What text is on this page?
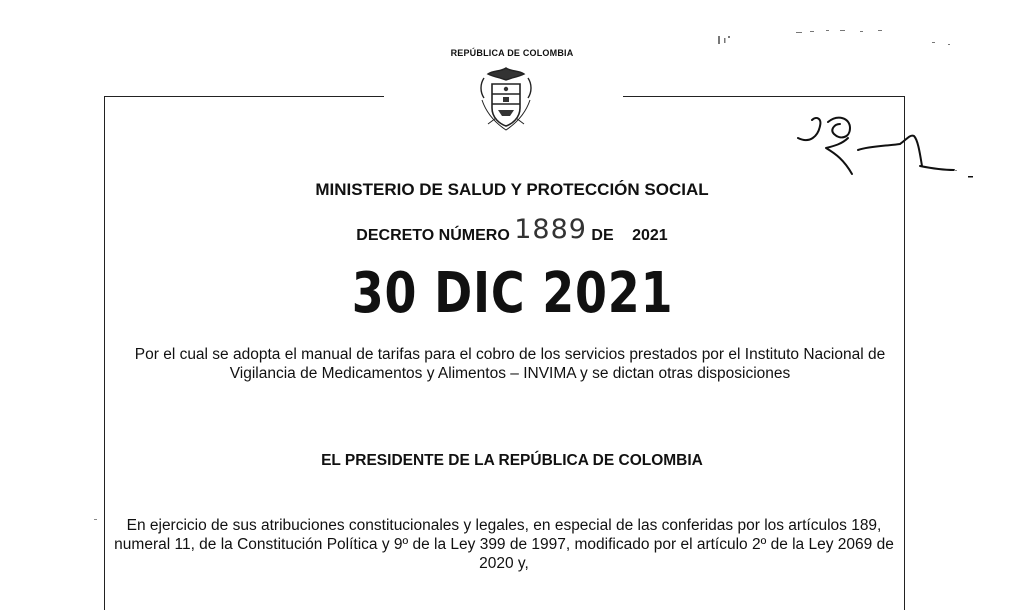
REPÚBLICA DE COLOMBIA
MINISTERIO DE SALUD Y PROTECCIÓN SOCIAL
DECRETO NÚMERO 1889 DE 2021
30 DIC 2021
Por el cual se adopta el manual de tarifas para el cobro de los servicios prestados por el Instituto Nacional de Vigilancia de Medicamentos y Alimentos – INVIMA y se dictan otras disposiciones
EL PRESIDENTE DE LA REPÚBLICA DE COLOMBIA
En ejercicio de sus atribuciones constitucionales y legales, en especial de las conferidas por los artículos 189, numeral 11, de la Constitución Política y 9º de la Ley 399 de 1997, modificado por el artículo 2º de la Ley 2069 de 2020 y,
